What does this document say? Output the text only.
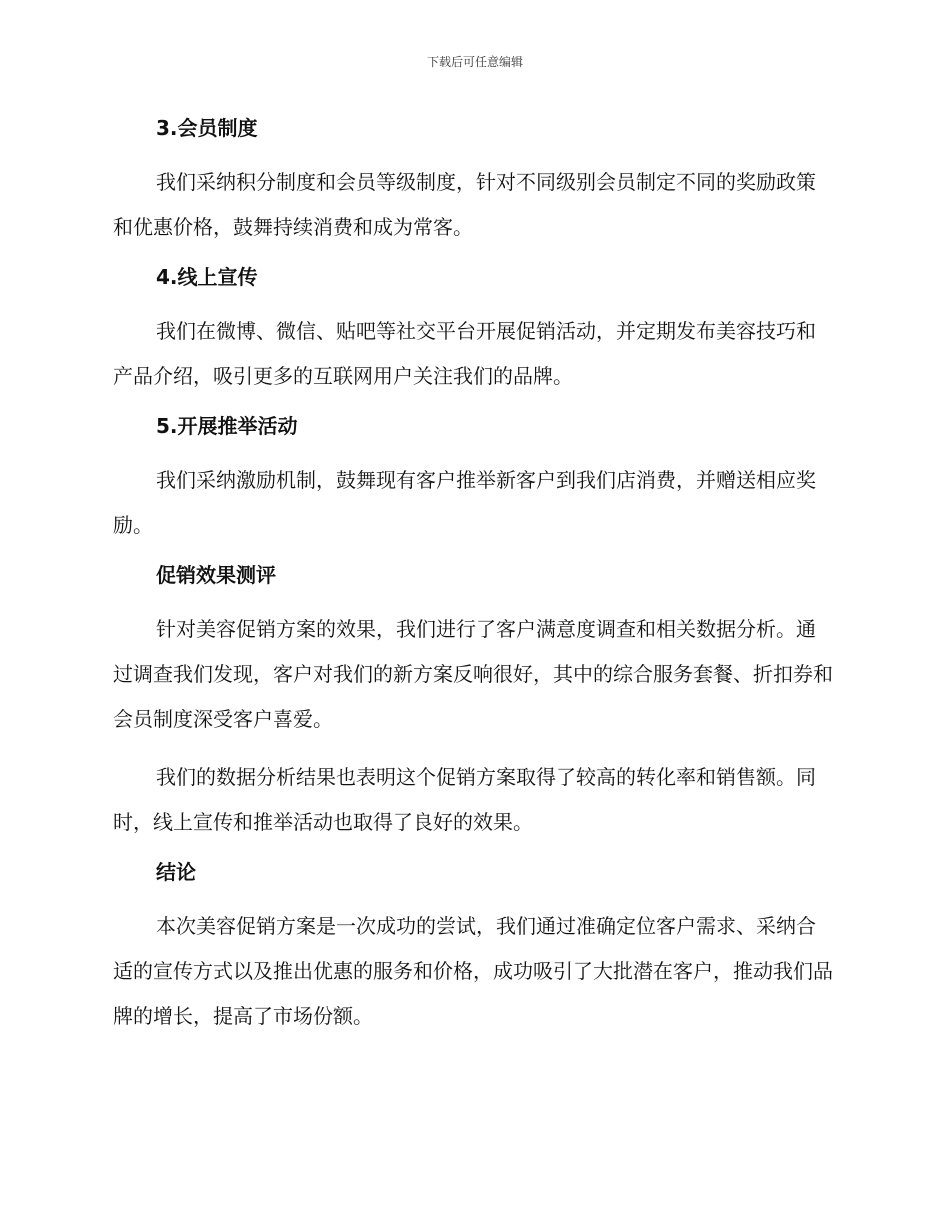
下载后可任意编辑
3.会员制度

我们采纳积分制度和会员等级制度，针对不同级别会员制定不同的奖励政策和优惠价格，鼓舞持续消费和成为常客。

4.线上宣传

我们在微博、微信、贴吧等社交平台开展促销活动，并定期发布美容技巧和产品介绍，吸引更多的互联网用户关注我们的品牌。

5.开展推举活动

我们采纳激励机制，鼓舞现有客户推举新客户到我们店消费，并赠送相应奖励。

促销效果测评

针对美容促销方案的效果，我们进行了客户满意度调查和相关数据分析。通过调查我们发现，客户对我们的新方案反响很好，其中的综合服务套餐、折扣券和会员制度深受客户喜爱。

我们的数据分析结果也表明这个促销方案取得了较高的转化率和销售额。同时，线上宣传和推举活动也取得了良好的效果。

结论

本次美容促销方案是一次成功的尝试，我们通过准确定位客户需求、采纳合适的宣传方式以及推出优惠的服务和价格，成功吸引了大批潜在客户，推动我们品牌的增长，提高了市场份额。
